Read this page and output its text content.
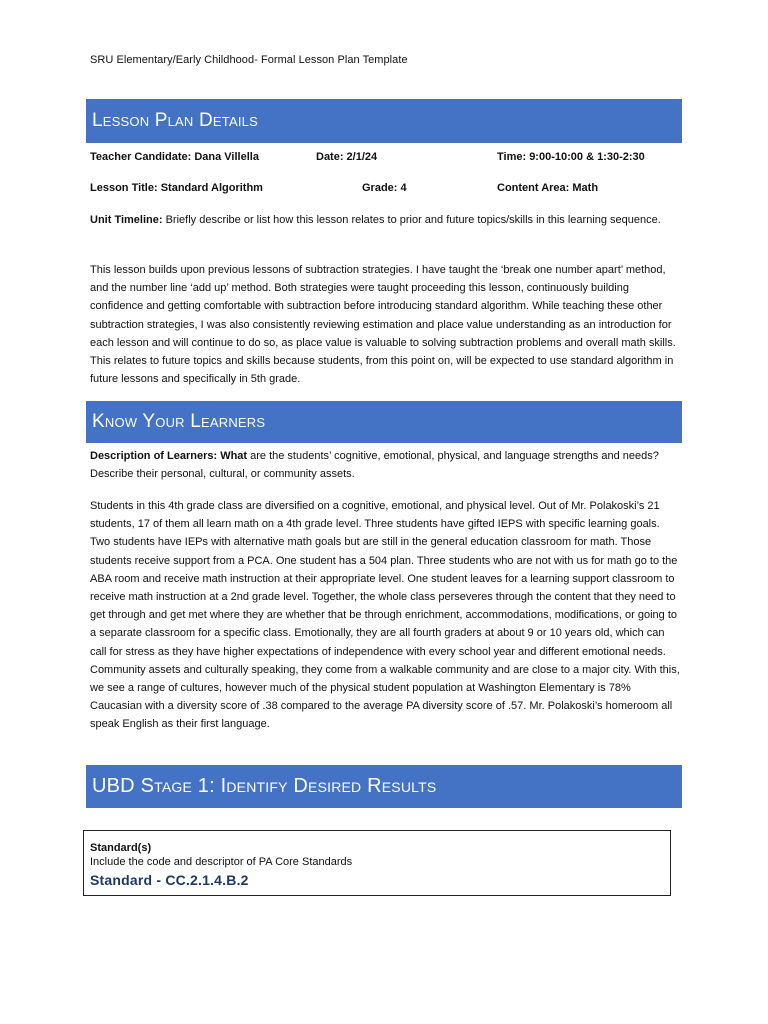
SRU Elementary/Early Childhood- Formal Lesson Plan Template
Lesson Plan Details
Teacher Candidate: Dana Villella	Date: 2/1/24	Time: 9:00-10:00 & 1:30-2:30
Lesson Title: Standard Algorithm	Grade: 4	Content Area: Math
Unit Timeline: Briefly describe or list how this lesson relates to prior and future topics/skills in this learning sequence.
This lesson builds upon previous lessons of subtraction strategies. I have taught the ‘break one number apart’ method, and the number line ‘add up’ method. Both strategies were taught proceeding this lesson, continuously building confidence and getting comfortable with subtraction before introducing standard algorithm. While teaching these other subtraction strategies, I was also consistently reviewing estimation and place value understanding as an introduction for each lesson and will continue to do so, as place value is valuable to solving subtraction problems and overall math skills. This relates to future topics and skills because students, from this point on, will be expected to use standard algorithm in future lessons and specifically in 5th grade.
Know Your Learners
Description of Learners: What are the students’ cognitive, emotional, physical, and language strengths and needs? Describe their personal, cultural, or community assets.
Students in this 4th grade class are diversified on a cognitive, emotional, and physical level. Out of Mr. Polakoski’s 21 students, 17 of them all learn math on a 4th grade level. Three students have gifted IEPS with specific learning goals. Two students have IEPs with alternative math goals but are still in the general education classroom for math. Those students receive support from a PCA. One student has a 504 plan. Three students who are not with us for math go to the ABA room and receive math instruction at their appropriate level. One student leaves for a learning support classroom to receive math instruction at a 2nd grade level. Together, the whole class perseveres through the content that they need to get through and get met where they are whether that be through enrichment, accommodations, modifications, or going to a separate classroom for a specific class. Emotionally, they are all fourth graders at about 9 or 10 years old, which can call for stress as they have higher expectations of independence with every school year and different emotional needs. Community assets and culturally speaking, they come from a walkable community and are close to a major city. With this, we see a range of cultures, however much of the physical student population at Washington Elementary is 78% Caucasian with a diversity score of .38 compared to the average PA diversity score of .57. Mr. Polakoski’s homeroom all speak English as their first language.
UBD Stage 1: Identify Desired Results
Standard(s)
Include the code and descriptor of PA Core Standards
Standard - CC.2.1.4.B.2
